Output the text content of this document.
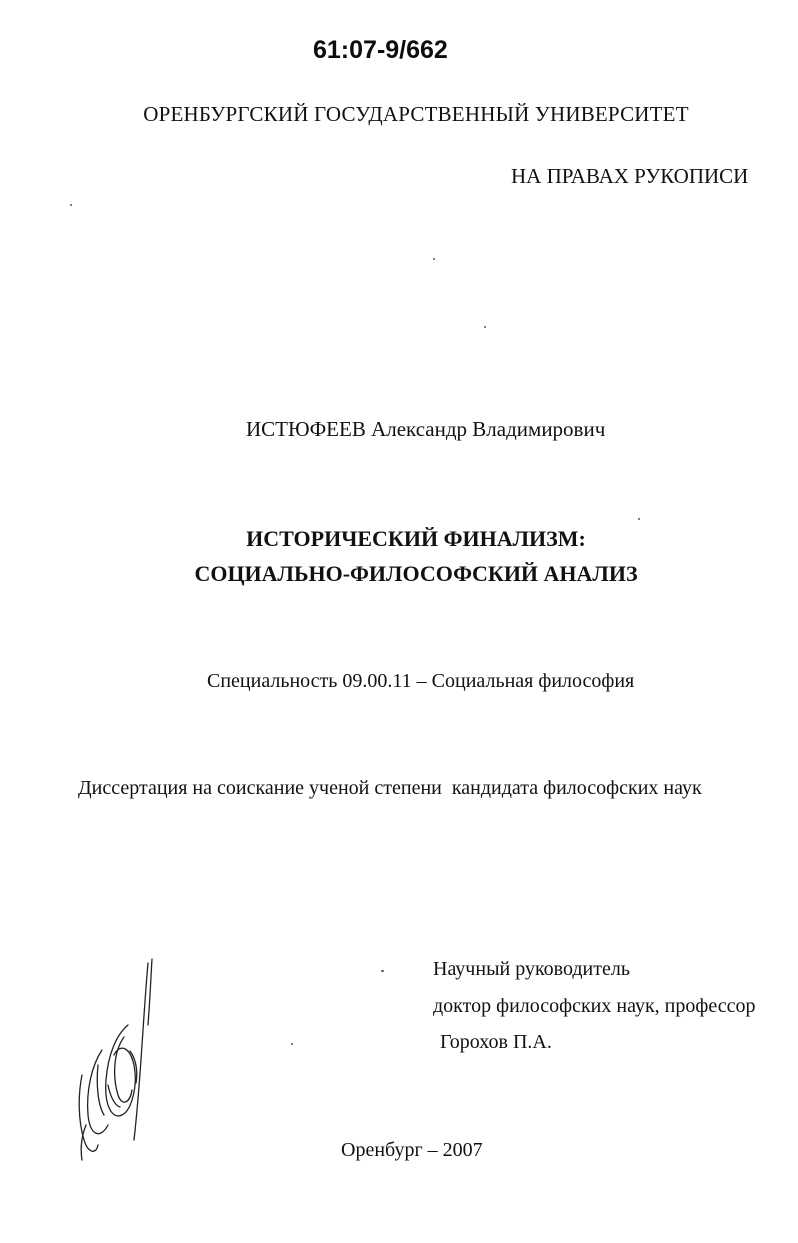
61:07-9/662

ОРЕНБУРГСКИЙ ГОСУДАРСТВЕННЫЙ УНИВЕРСИТЕТ

НА ПРАВАХ РУКОПИСИ

ИСТЮФЕЕВ Александр Владимирович

ИСТОРИЧЕСКИЙ ФИНАЛИЗМ:

СОЦИАЛЬНО-ФИЛОСОФСКИЙ АНАЛИЗ

Специальность 09.00.11 – Социальная философия

Диссертация на соискание ученой степени  кандидата философских наук

Научный руководитель

доктор философских наук, профессор

Горохов П.А.

Оренбург – 2007
